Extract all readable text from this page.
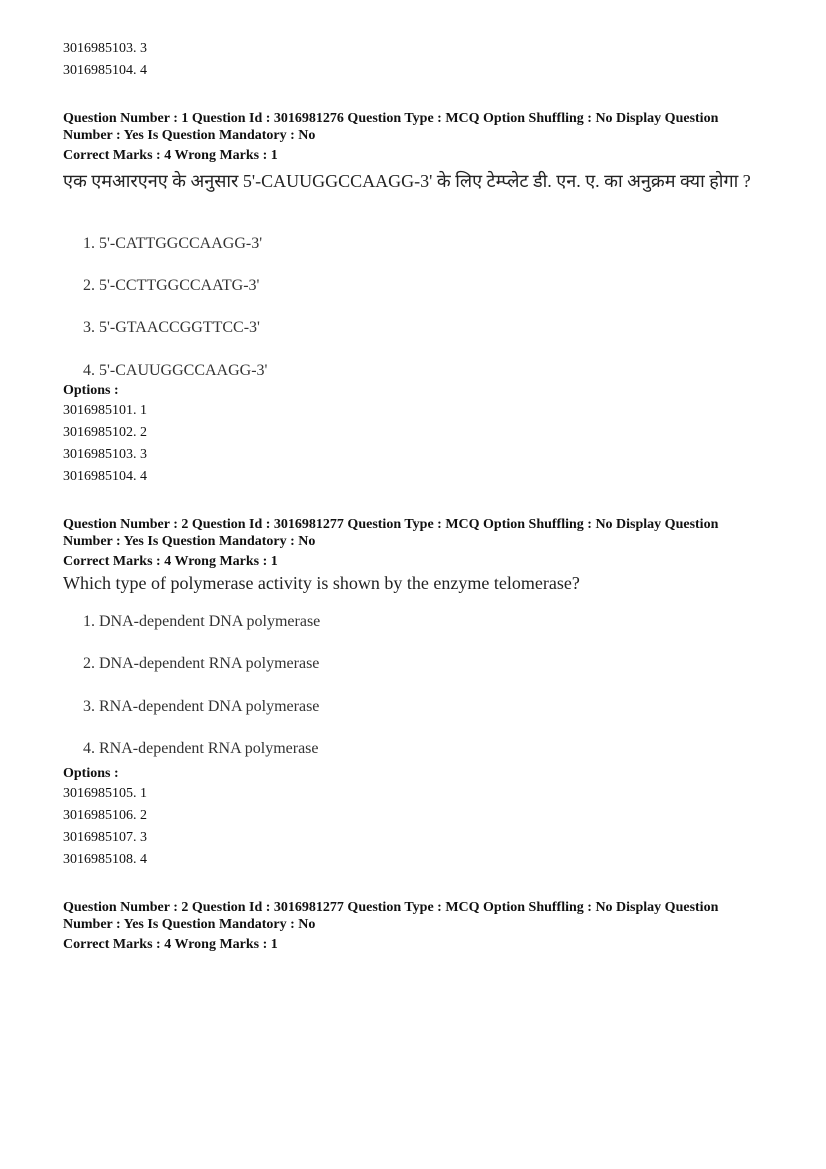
3016985103. 3
3016985104. 4
Question Number : 1 Question Id : 3016981276 Question Type : MCQ Option Shuffling : No Display Question
Number : Yes Is Question Mandatory : No
Correct Marks : 4 Wrong Marks : 1
एक एमआरएनए के अनुसार 5'-CAUUGGCCAAGG-3' के लिए टेम्प्लेट डी. एन. ए. का अनुक्रम क्या होगा ?
1. 5'-CATTGGCCAAGG-3'
2. 5'-CCTTGGCCAATG-3'
3. 5'-GTAACCGGTTCC-3'
4. 5'-CAUUGGCCAAGG-3'
Options :
3016985101. 1
3016985102. 2
3016985103. 3
3016985104. 4
Question Number : 2 Question Id : 3016981277 Question Type : MCQ Option Shuffling : No Display Question
Number : Yes Is Question Mandatory : No
Correct Marks : 4 Wrong Marks : 1
Which type of polymerase activity is shown by the enzyme telomerase?
1. DNA-dependent DNA polymerase
2. DNA-dependent RNA polymerase
3. RNA-dependent DNA polymerase
4. RNA-dependent RNA polymerase
Options :
3016985105. 1
3016985106. 2
3016985107. 3
3016985108. 4
Question Number : 2 Question Id : 3016981277 Question Type : MCQ Option Shuffling : No Display Question
Number : Yes Is Question Mandatory : No
Correct Marks : 4 Wrong Marks : 1
